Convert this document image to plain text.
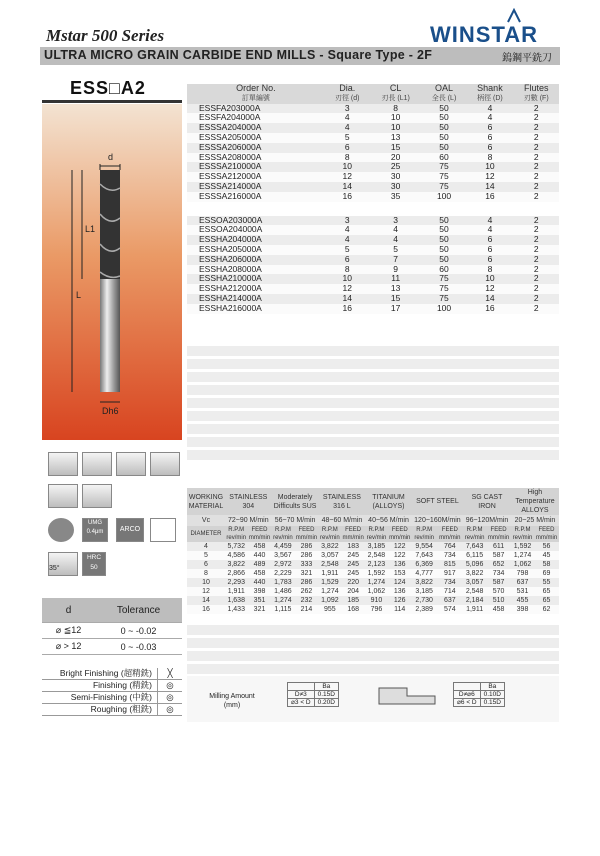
Mstar 500 Series	WINSTAR
ULTRA MICRO GRAIN CARBIDE END MILLS - Square Type - 2F	鎢鋼平銑刀
ESS□A2
d
L1
L
Dh6
Order No.	Dia.	CL	OAL	Shank	Flutes
訂單編號	刃徑 (d)	刃長 (L1)	全長 (L)	柄徑 (D)	刃數 (F)
ESSFA203000A	3	8	50	4	2
ESSFA204000A	4	10	50	4	2
ESSSA204000A	4	10	50	6	2
ESSSA205000A	5	13	50	6	2
ESSSA206000A	6	15	50	6	2
ESSSA208000A	8	20	60	8	2
ESSSA210000A	10	25	75	10	2
ESSSA212000A	12	30	75	12	2
ESSSA214000A	14	30	75	14	2
ESSSA216000A	16	35	100	16	2

ESSOA203000A	3	3	50	4	2
ESSOA204000A	4	4	50	4	2
ESSHA204000A	4	4	50	6	2
ESSHA205000A	5	5	50	6	2
ESSHA206000A	6	7	50	6	2
ESSHA208000A	8	9	60	8	2
ESSHA210000A	10	11	75	10	2
ESSHA212000A	12	13	75	12	2
ESSHA214000A	14	15	75	14	2
ESSHA216000A	16	17	100	16	2
UMG
0.4μm	ARCO
35°
HRC
50
WORKING MATERIAL	STAINLESS 304		Moderately Difficults SUS		STAINLESS 316 L		TITANIUM (ALLOYS)		SOFT STEEL		SG CAST IRON		High Temperature ALLOYS	
Vc	72~90 M/min		56~70 M/min		48~60 M/min		40~56 M/min		120~160M/min		96~120M/min		20~25 M/min	
DIAMETER	R.P.M rev/min	FEED mm/min	R.P.M rev/min	FEED mm/min	R.P.M rev/min	FEED mm/min	R.P.M rev/min	FEED mm/min	R.P.M rev/min	FEED mm/min	R.P.M rev/min	FEED mm/min	R.P.M rev/min	FEED mm/min
4	5,732	458	4,459	286	3,822	183	3,185	122	9,554	764	7,643	611	1,592	56
5	4,586	440	3,567	286	3,057	245	2,548	122	7,643	734	6,115	587	1,274	45
6	3,822	489	2,972	333	2,548	245	2,123	136	6,369	815	5,096	652	1,062	58
8	2,866	458	2,229	321	1,911	245	1,592	153	4,777	917	3,822	734	798	69
10	2,293	440	1,783	286	1,529	220	1,274	124	3,822	734	3,057	587	637	55
12	1,911	398	1,486	262	1,274	204	1,062	136	3,185	714	2,548	570	531	65
14	1,638	351	1,274	232	1,092	185	910	126	2,730	637	2,184	510	455	65
16	1,433	321	1,115	214	955	168	796	114	2,389	574	1,911	458	398	62
d	Tolerance
⌀ ≦12	0 ~ -0.02
⌀ > 12	0 ~ -0.03
Bright Finishing (超精銑)	╳
Finishing (精銑)	◎
Semi-Finishing (中銑)	◎
Roughing (粗銑)	◎
Milling Amount (mm)
	Ba
D≠3	0.15D
⌀3 < D	0.20D
	Ba
D≠⌀6	0.10D
⌀6 < D	0.15D
